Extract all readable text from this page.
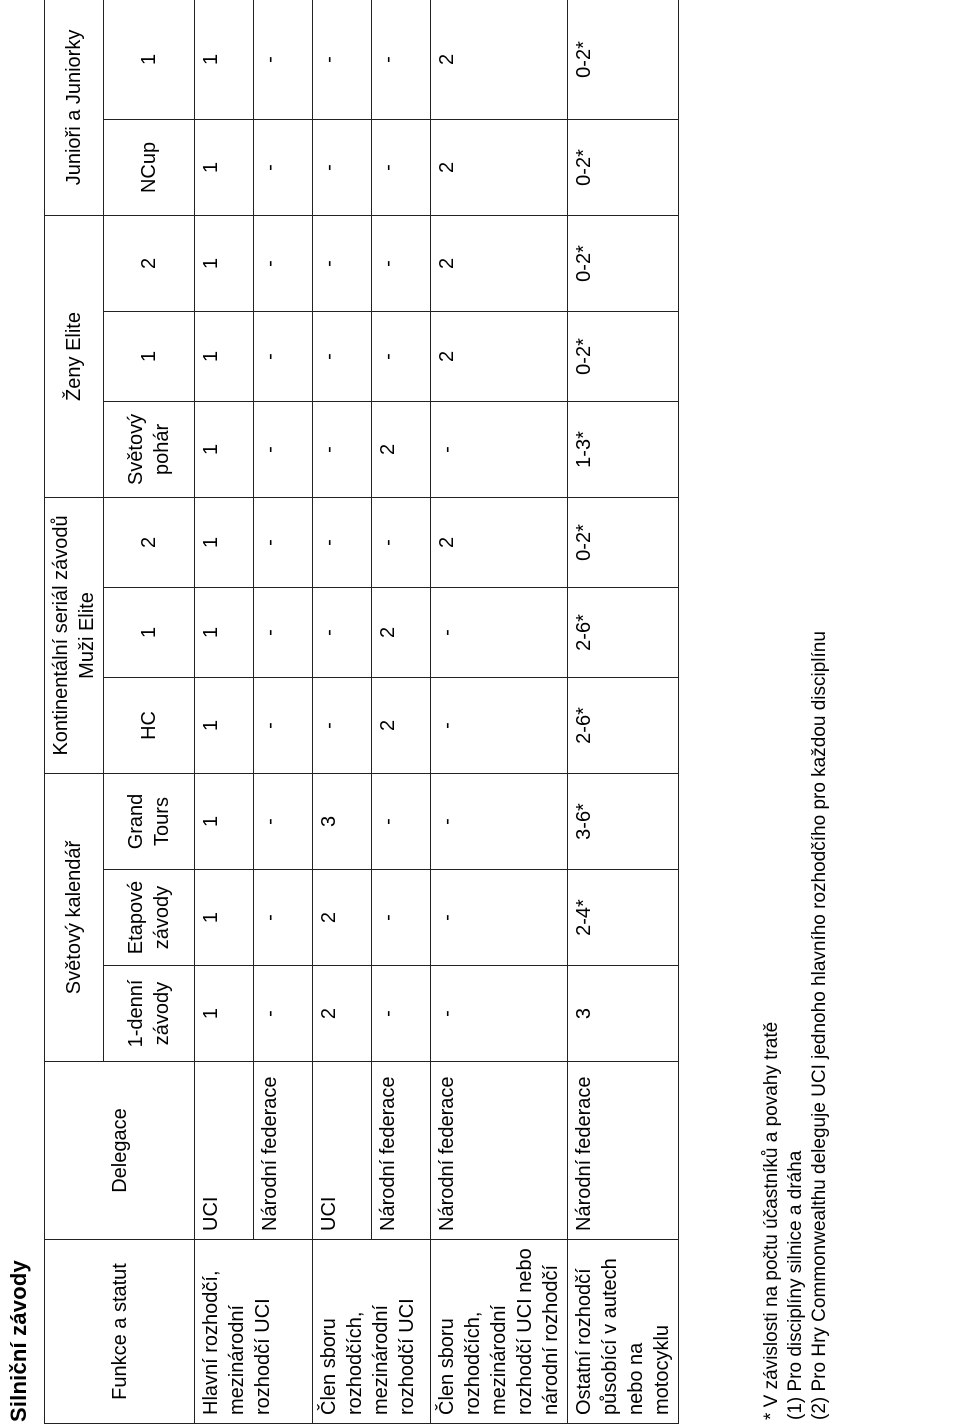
Silniční závody	Funkce a statut	Delegace	Světový kalendář			Kontinentální seriál závodů Muži Elite			Ženy Elite			Junioři a Juniorky	
		1-denní závody	Etapové závody	Grand Tours	HC	1	2	Světový pohár	1	2	NCup	1
Hlavní rozhodčí, mezinárodní rozhodčí UCI	UCI	1	1	1	1	1	1	1	1	1	1	1
	Národní federace	-	-	-	-	-	-	-	-	-	-	-
Člen sboru rozhodčích, mezinárodní rozhodčí UCI	UCI	2	2	3	-	-	-	-	-	-	-	-
	Národní federace	-	-	-	2	2	-	2	-	-	-	-
Člen sboru rozhodčích, mezinárodní rozhodčí UCI nebo národní rozhodčí	Národní federace	-	-	-	-	-	2	-	2	2	2	2
Ostatní rozhodčí působící v autech nebo na motocyklu	Národní federace	3	2-4*	3-6*	2-6*	2-6*	0-2*	1-3*	0-2*	0-2*	0-2*	0-2*
* V závislosti na počtu účastníků a povahy tratě (1) Pro disciplíny silnice a dráha (2) Pro Hry Commonwealthu deleguje UCI jednoho hlavního rozhodčího pro každou disciplínu
